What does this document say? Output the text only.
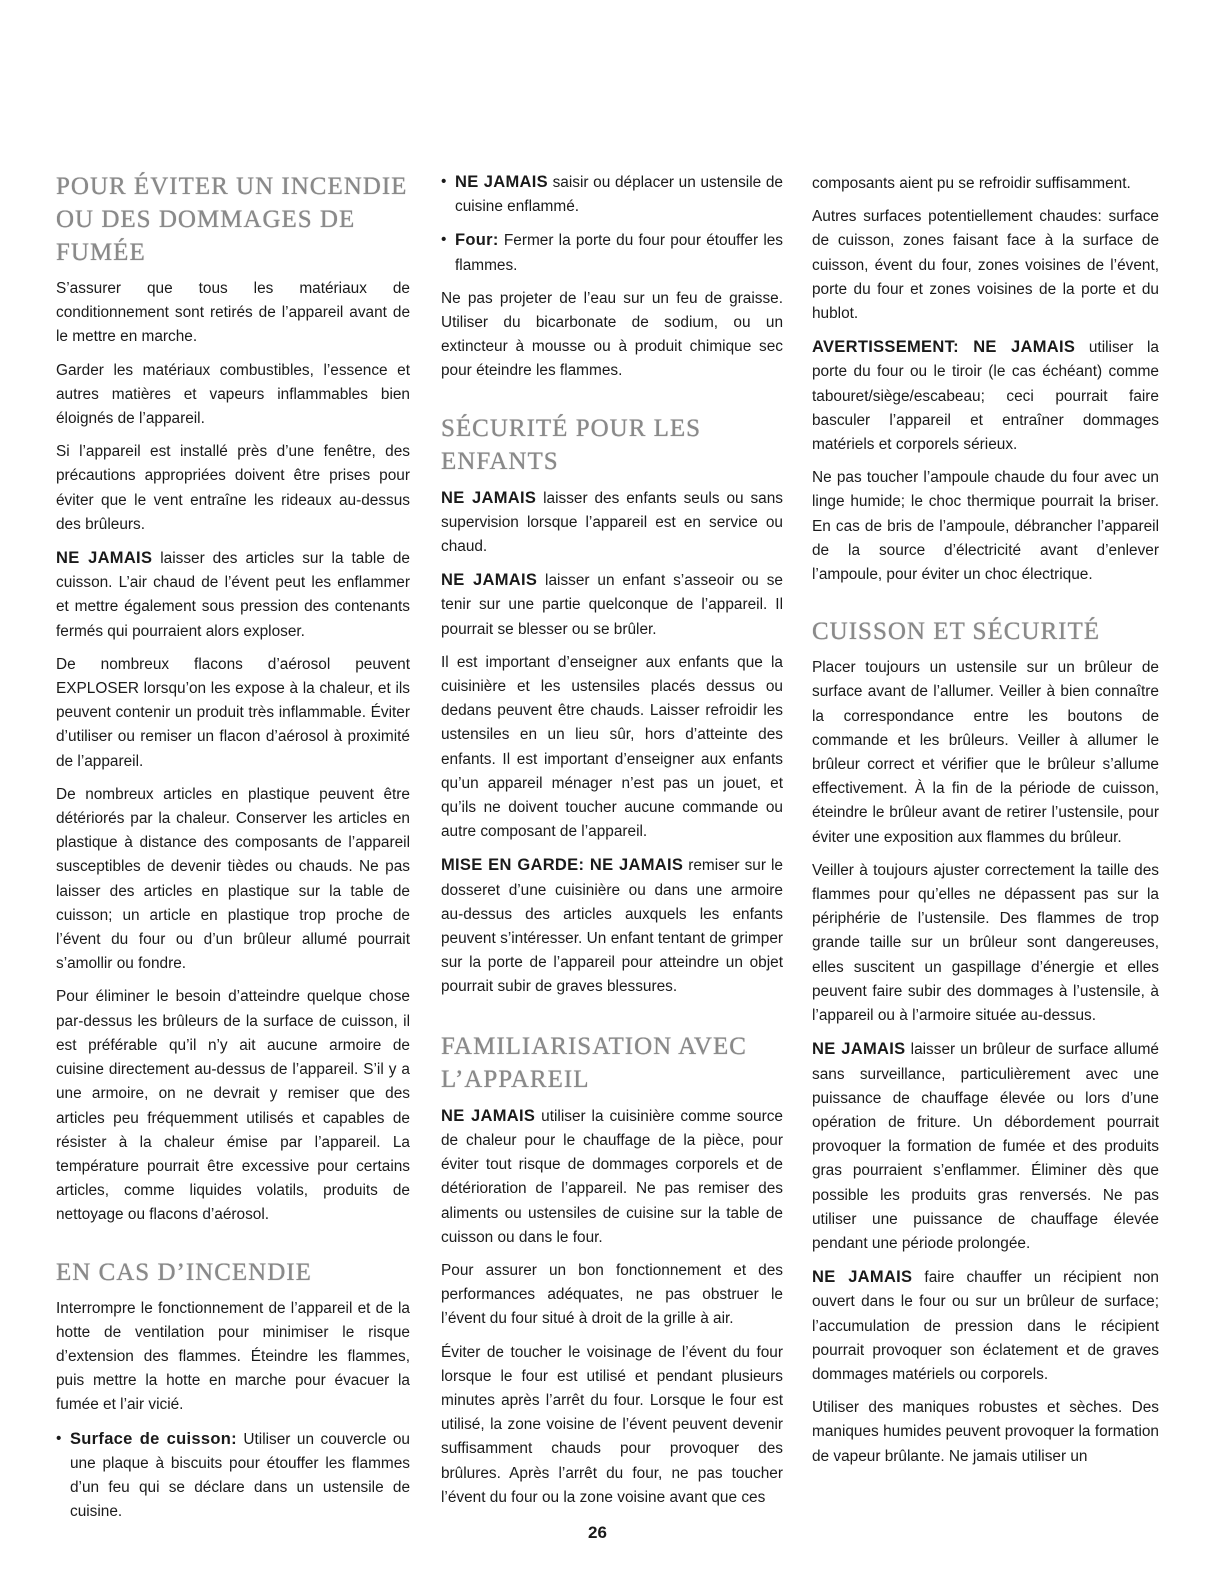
POUR ÉVITER UN INCENDIE OU DES DOMMAGES DE FUMÉE

S’assurer que tous les matériaux de conditionnement sont retirés de l’appareil avant de le mettre en marche.

Garder les matériaux combustibles, l’essence et autres matières et vapeurs inflammables bien éloignés de l’appareil.

Si l’appareil est installé près d’une fenêtre, des précautions appropriées doivent être prises pour éviter que le vent entraîne les rideaux au-dessus des brûleurs.

NE JAMAIS laisser des articles sur la table de cuisson. L’air chaud de l’évent peut les enflammer et mettre également sous pression des contenants fermés qui pourraient alors exploser.

De nombreux flacons d’aérosol peuvent EXPLOSER lorsqu’on les expose à la chaleur, et ils peuvent contenir un produit très inflammable. Éviter d’utiliser ou remiser un flacon d’aérosol à proximité de l’appareil.

De nombreux articles en plastique peuvent être détériorés par la chaleur. Conserver les articles en plastique à distance des composants de l’appareil susceptibles de devenir tièdes ou chauds. Ne pas laisser des articles en plastique sur la table de cuisson; un article en plastique trop proche de l’évent du four ou d’un brûleur allumé pourrait s’amollir ou fondre.

Pour éliminer le besoin d’atteindre quelque chose par-dessus les brûleurs de la surface de cuisson, il est préférable qu’il n’y ait aucune armoire de cuisine directement au-dessus de l’appareil. S’il y a une armoire, on ne devrait y remiser que des articles peu fréquemment utilisés et capables de résister à la chaleur émise par l’appareil. La température pourrait être excessive pour certains articles, comme liquides volatils, produits de nettoyage ou flacons d’aérosol.

EN CAS D’INCENDIE

Interrompre le fonctionnement de l’appareil et de la hotte de ventilation pour minimiser le risque d’extension des flammes. Éteindre les flammes, puis mettre la hotte en marche pour évacuer la fumée et l’air vicié.

• Surface de cuisson: Utiliser un couvercle ou une plaque à biscuits pour étouffer les flammes d’un feu qui se déclare dans un ustensile de cuisine.

• NE JAMAIS saisir ou déplacer un ustensile de cuisine enflammé.

• Four: Fermer la porte du four pour étouffer les flammes.

Ne pas projeter de l’eau sur un feu de graisse. Utiliser du bicarbonate de sodium, ou un extincteur à mousse ou à produit chimique sec pour éteindre les flammes.

SÉCURITÉ POUR LES ENFANTS

NE JAMAIS laisser des enfants seuls ou sans supervision lorsque l’appareil est en service ou chaud.

NE JAMAIS laisser un enfant s’asseoir ou se tenir sur une partie quelconque de l’appareil. Il pourrait se blesser ou se brûler.

Il est important d’enseigner aux enfants que la cuisinière et les ustensiles placés dessus ou dedans peuvent être chauds. Laisser refroidir les ustensiles en un lieu sûr, hors d’atteinte des enfants. Il est important d’enseigner aux enfants qu’un appareil ménager n’est pas un jouet, et qu’ils ne doivent toucher aucune commande ou autre composant de l’appareil.

MISE EN GARDE: NE JAMAIS remiser sur le dosseret d’une cuisinière ou dans une armoire au-dessus des articles auxquels les enfants peuvent s’intéresser. Un enfant tentant de grimper sur la porte de l’appareil pour atteindre un objet pourrait subir de graves blessures.

FAMILIARISATION AVEC L’APPAREIL

NE JAMAIS utiliser la cuisinière comme source de chaleur pour le chauffage de la pièce, pour éviter tout risque de dommages corporels et de détérioration de l’appareil. Ne pas remiser des aliments ou ustensiles de cuisine sur la table de cuisson ou dans le four.

Pour assurer un bon fonctionnement et des performances adéquates, ne pas obstruer le l’évent du four situé à droit de la grille à air.

Éviter de toucher le voisinage de l’évent du four lorsque le four est utilisé et pendant plusieurs minutes après l’arrêt du four. Lorsque le four est utilisé, la zone voisine de l’évent peuvent devenir suffisamment chauds pour provoquer des brûlures. Après l’arrêt du four, ne pas toucher l’évent du four ou la zone voisine avant que ces

composants aient pu se refroidir suffisamment.

Autres surfaces potentiellement chaudes: surface de cuisson, zones faisant face à la surface de cuisson, évent du four, zones voisines de l’évent, porte du four et zones voisines de la porte et du hublot.

AVERTISSEMENT: NE JAMAIS utiliser la porte du four ou le tiroir (le cas échéant) comme tabouret/siège/escabeau; ceci pourrait faire basculer l’appareil et entraîner dommages matériels et corporels sérieux.

Ne pas toucher l’ampoule chaude du four avec un linge humide; le choc thermique pourrait la briser. En cas de bris de l’ampoule, débrancher l’appareil de la source d’électricité avant d’enlever l’ampoule, pour éviter un choc électrique.

CUISSON ET SÉCURITÉ

Placer toujours un ustensile sur un brûleur de surface avant de l’allumer. Veiller à bien connaître la correspondance entre les boutons de commande et les brûleurs. Veiller à allumer le brûleur correct et vérifier que le brûleur s’allume effectivement. À la fin de la période de cuisson, éteindre le brûleur avant de retirer l’ustensile, pour éviter une exposition aux flammes du brûleur.

Veiller à toujours ajuster correctement la taille des flammes pour qu’elles ne dépassent pas sur la périphérie de l’ustensile. Des flammes de trop grande taille sur un brûleur sont dangereuses, elles suscitent un gaspillage d’énergie et elles peuvent faire subir des dommages à l’ustensile, à l’appareil ou à l’armoire située au-dessus.

NE JAMAIS laisser un brûleur de surface allumé sans surveillance, particulièrement avec une puissance de chauffage élevée ou lors d’une opération de friture. Un débordement pourrait provoquer la formation de fumée et des produits gras pourraient s’enflammer. Éliminer dès que possible les produits gras renversés. Ne pas utiliser une puissance de chauffage élevée pendant une période prolongée.

NE JAMAIS faire chauffer un récipient non ouvert dans le four ou sur un brûleur de surface; l’accumulation de pression dans le récipient pourrait provoquer son éclatement et de graves dommages matériels ou corporels.

Utiliser des maniques robustes et sèches. Des maniques humides peuvent provoquer la formation de vapeur brûlante. Ne jamais utiliser un

26
